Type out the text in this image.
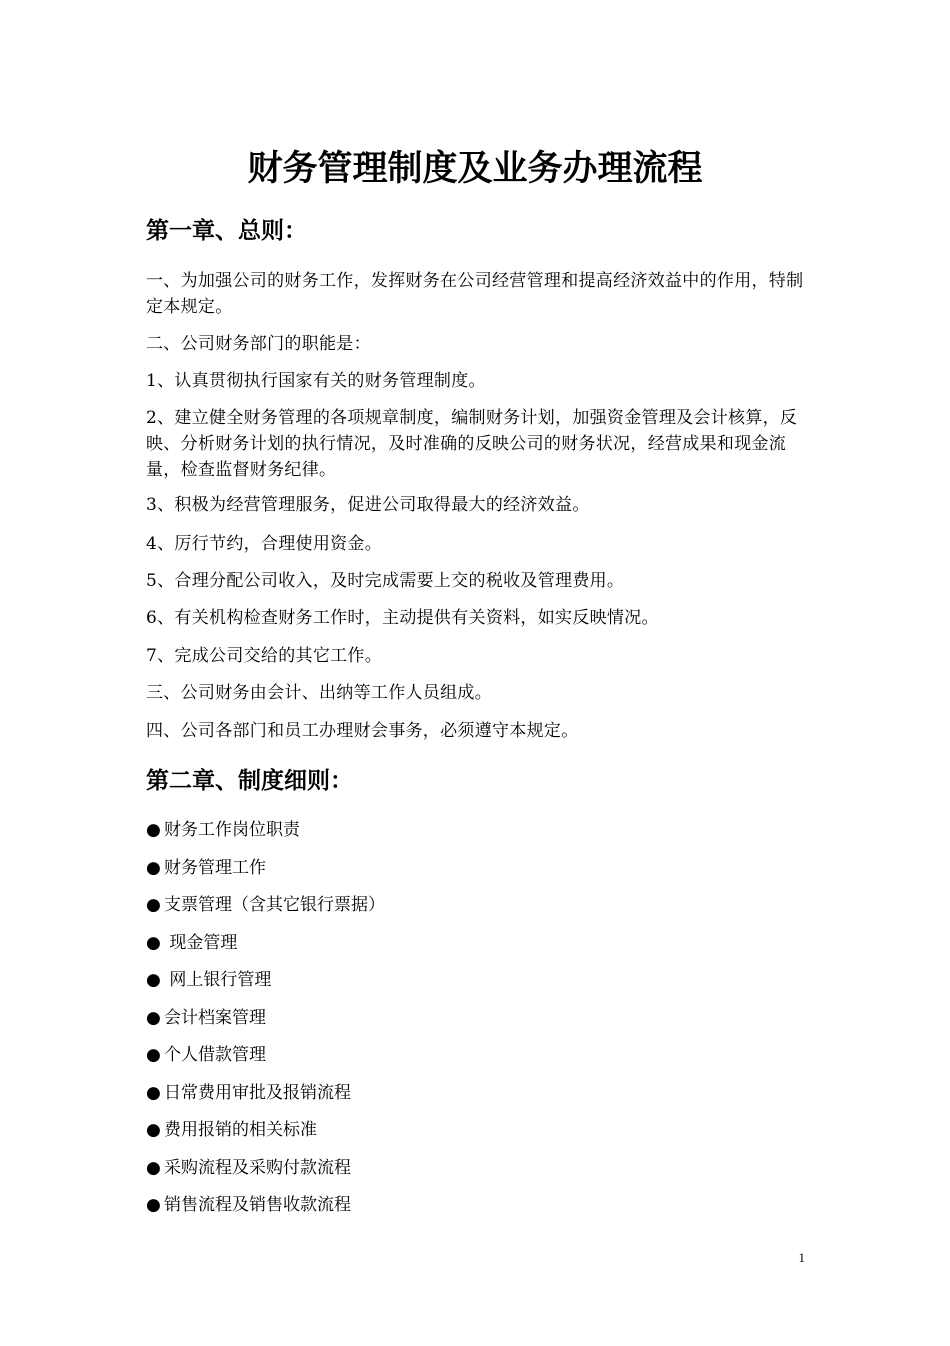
财务管理制度及业务办理流程
第一章、总则：
一、为加强公司的财务工作，发挥财务在公司经营管理和提高经济效益中的作用，特制定本规定。
二、公司财务部门的职能是：
1、认真贯彻执行国家有关的财务管理制度。
2、建立健全财务管理的各项规章制度，编制财务计划，加强资金管理及会计核算，反映、分析财务计划的执行情况，及时准确的反映公司的财务状况，经营成果和现金流量，检查监督财务纪律。
3、积极为经营管理服务，促进公司取得最大的经济效益。
4、厉行节约，合理使用资金。
5、合理分配公司收入，及时完成需要上交的税收及管理费用。
6、有关机构检查财务工作时，主动提供有关资料，如实反映情况。
7、完成公司交给的其它工作。
三、公司财务由会计、出纳等工作人员组成。
四、公司各部门和员工办理财会事务，必须遵守本规定。
第二章、制度细则：
● 财务工作岗位职责
● 财务管理工作
● 支票管理（含其它银行票据）
● 现金管理
● 网上银行管理
● 会计档案管理
● 个人借款管理
● 日常费用审批及报销流程
● 费用报销的相关标准
● 采购流程及采购付款流程
● 销售流程及销售收款流程
1
